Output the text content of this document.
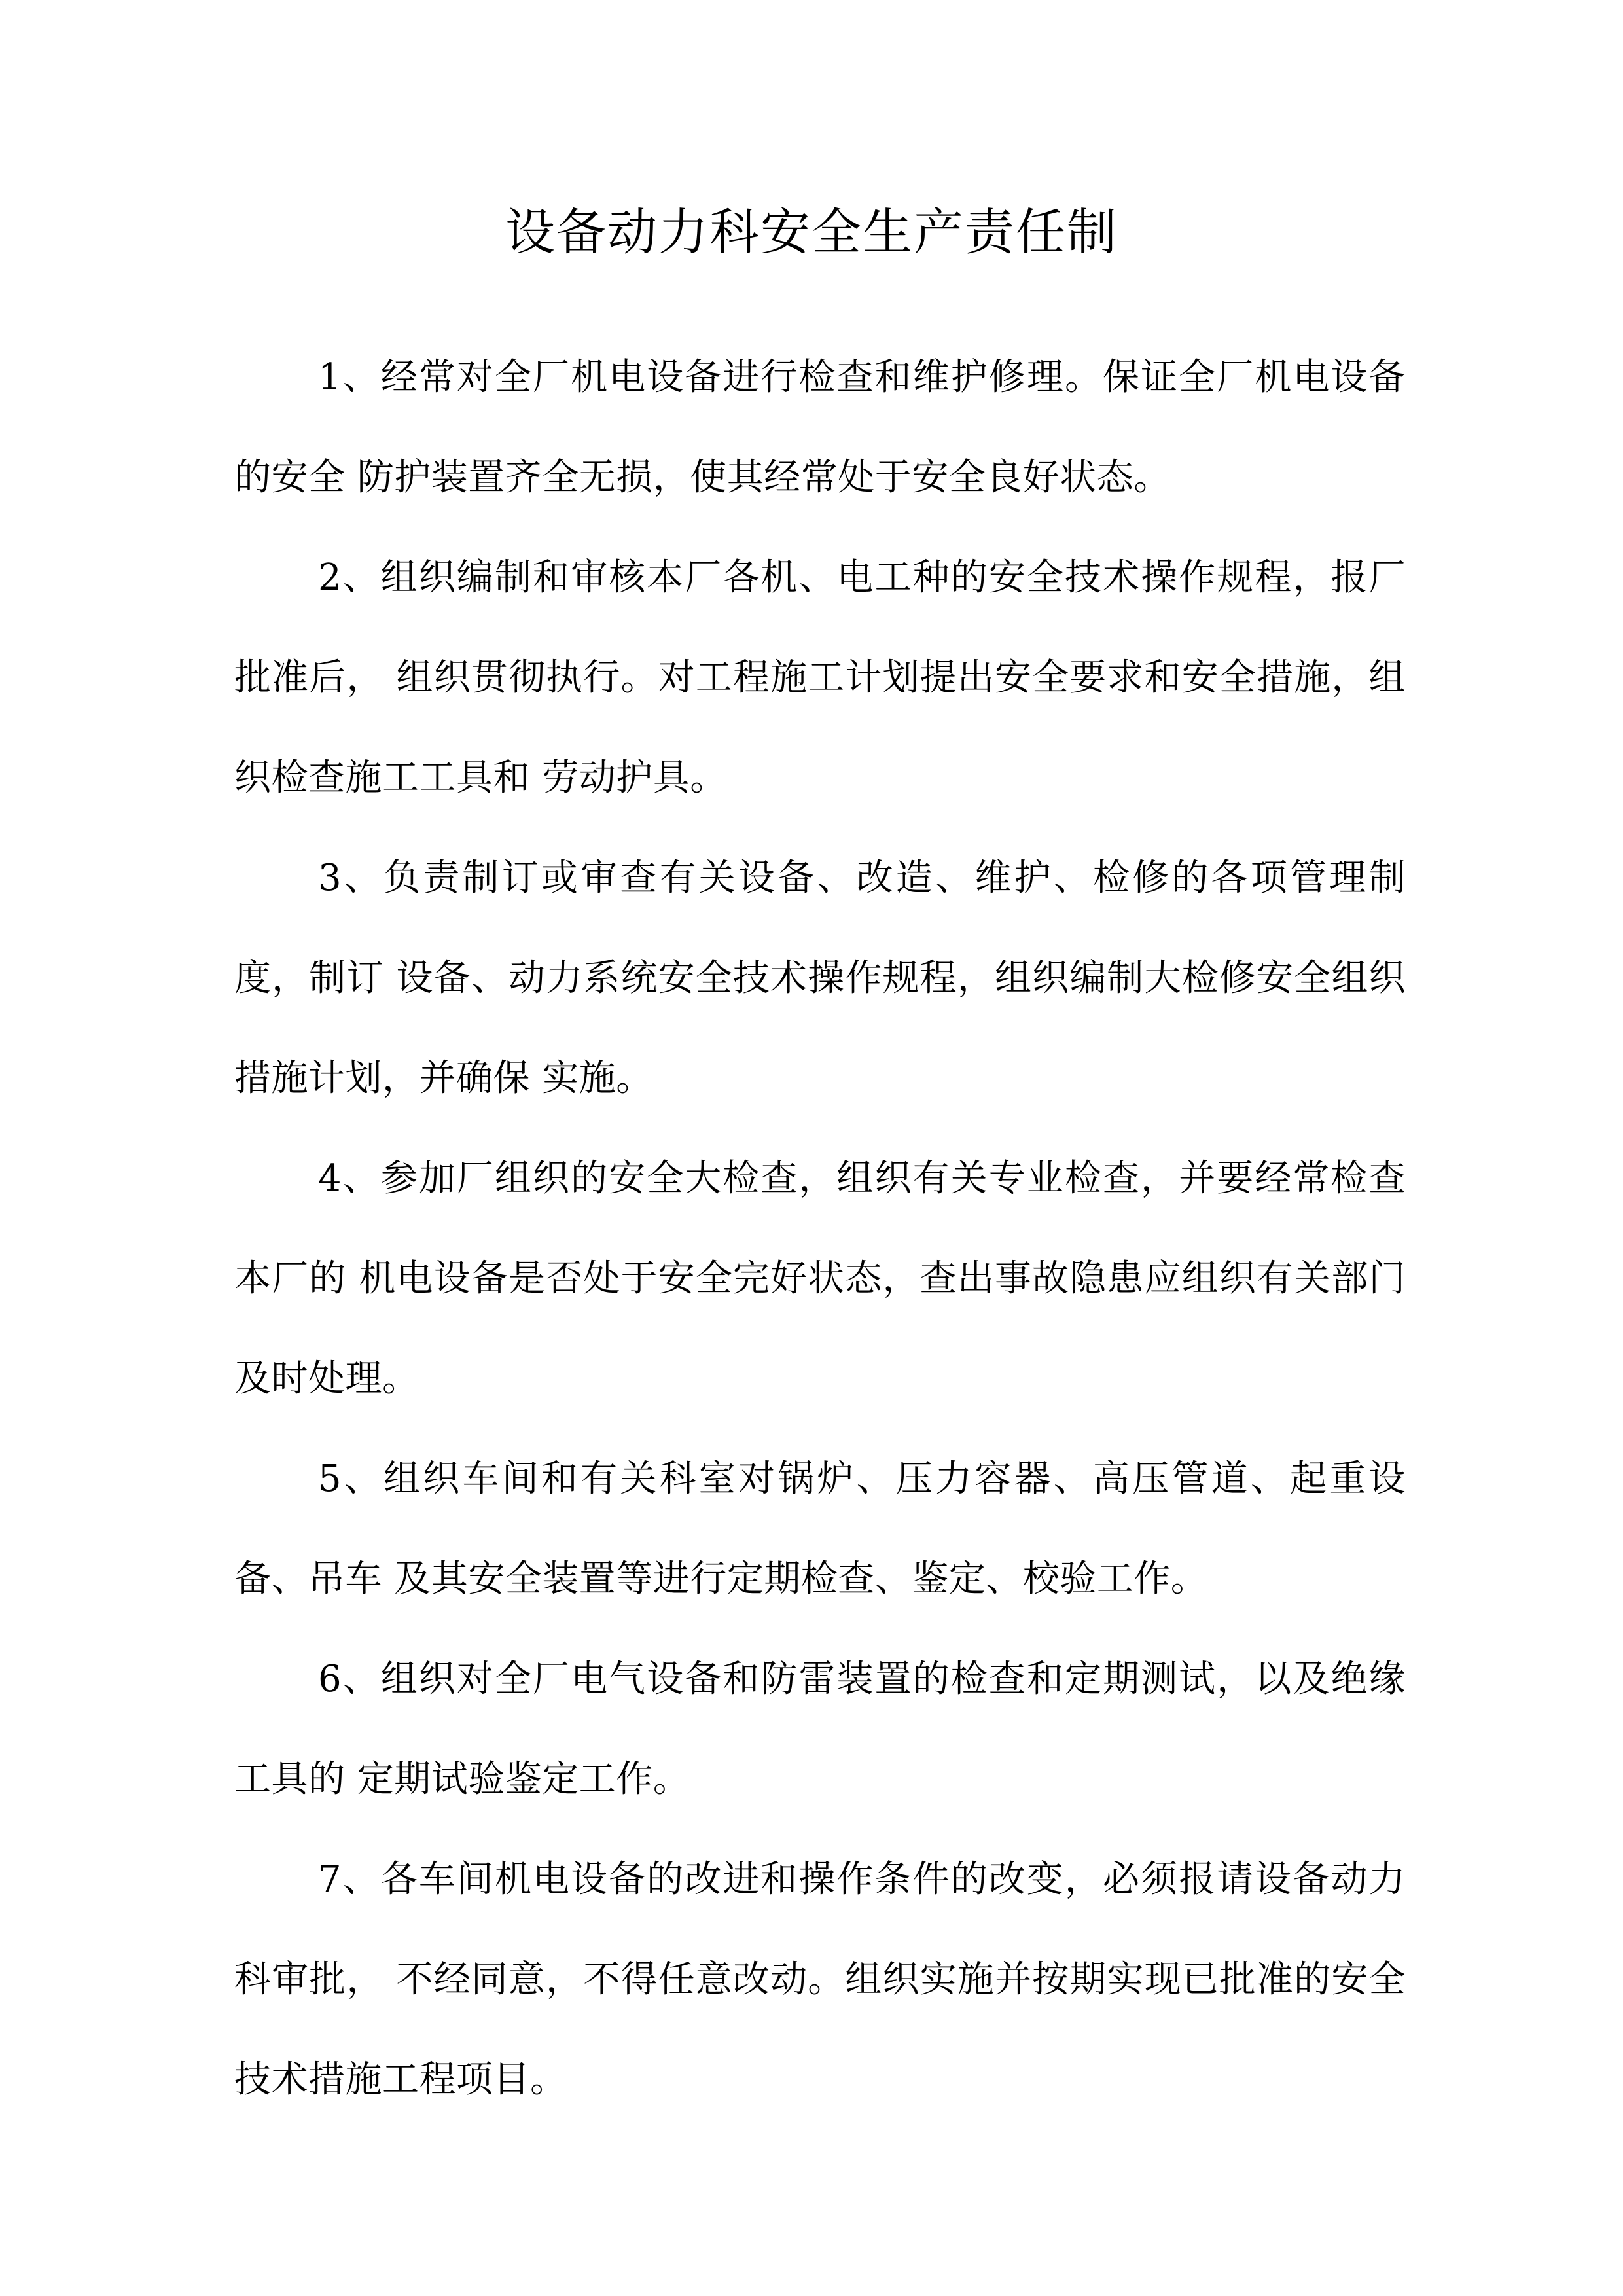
设备动力科安全生产责任制

1、经常对全厂机电设备进行检查和维护修理。保证全厂机电设备的安全 防护装置齐全无损，使其经常处于安全良好状态。

2、组织编制和审核本厂各机、电工种的安全技术操作规程，报厂批准后， 组织贯彻执行。对工程施工计划提出安全要求和安全措施，组织检查施工工具和 劳动护具。

3、负责制订或审查有关设备、改造、维护、检修的各项管理制度，制订 设备、动力系统安全技术操作规程，组织编制大检修安全组织措施计划，并确保 实施。

4、参加厂组织的安全大检查，组织有关专业检查，并要经常检查本厂的 机电设备是否处于安全完好状态，查出事故隐患应组织有关部门及时处理。

5、组织车间和有关科室对锅炉、压力容器、高压管道、起重设备、吊车 及其安全装置等进行定期检查、鉴定、校验工作。

6、组织对全厂电气设备和防雷装置的检查和定期测试，以及绝缘工具的 定期试验鉴定工作。

7、各车间机电设备的改进和操作条件的改变，必须报请设备动力科审批， 不经同意，不得任意改动。组织实施并按期实现已批准的安全技术措施工程项目。
